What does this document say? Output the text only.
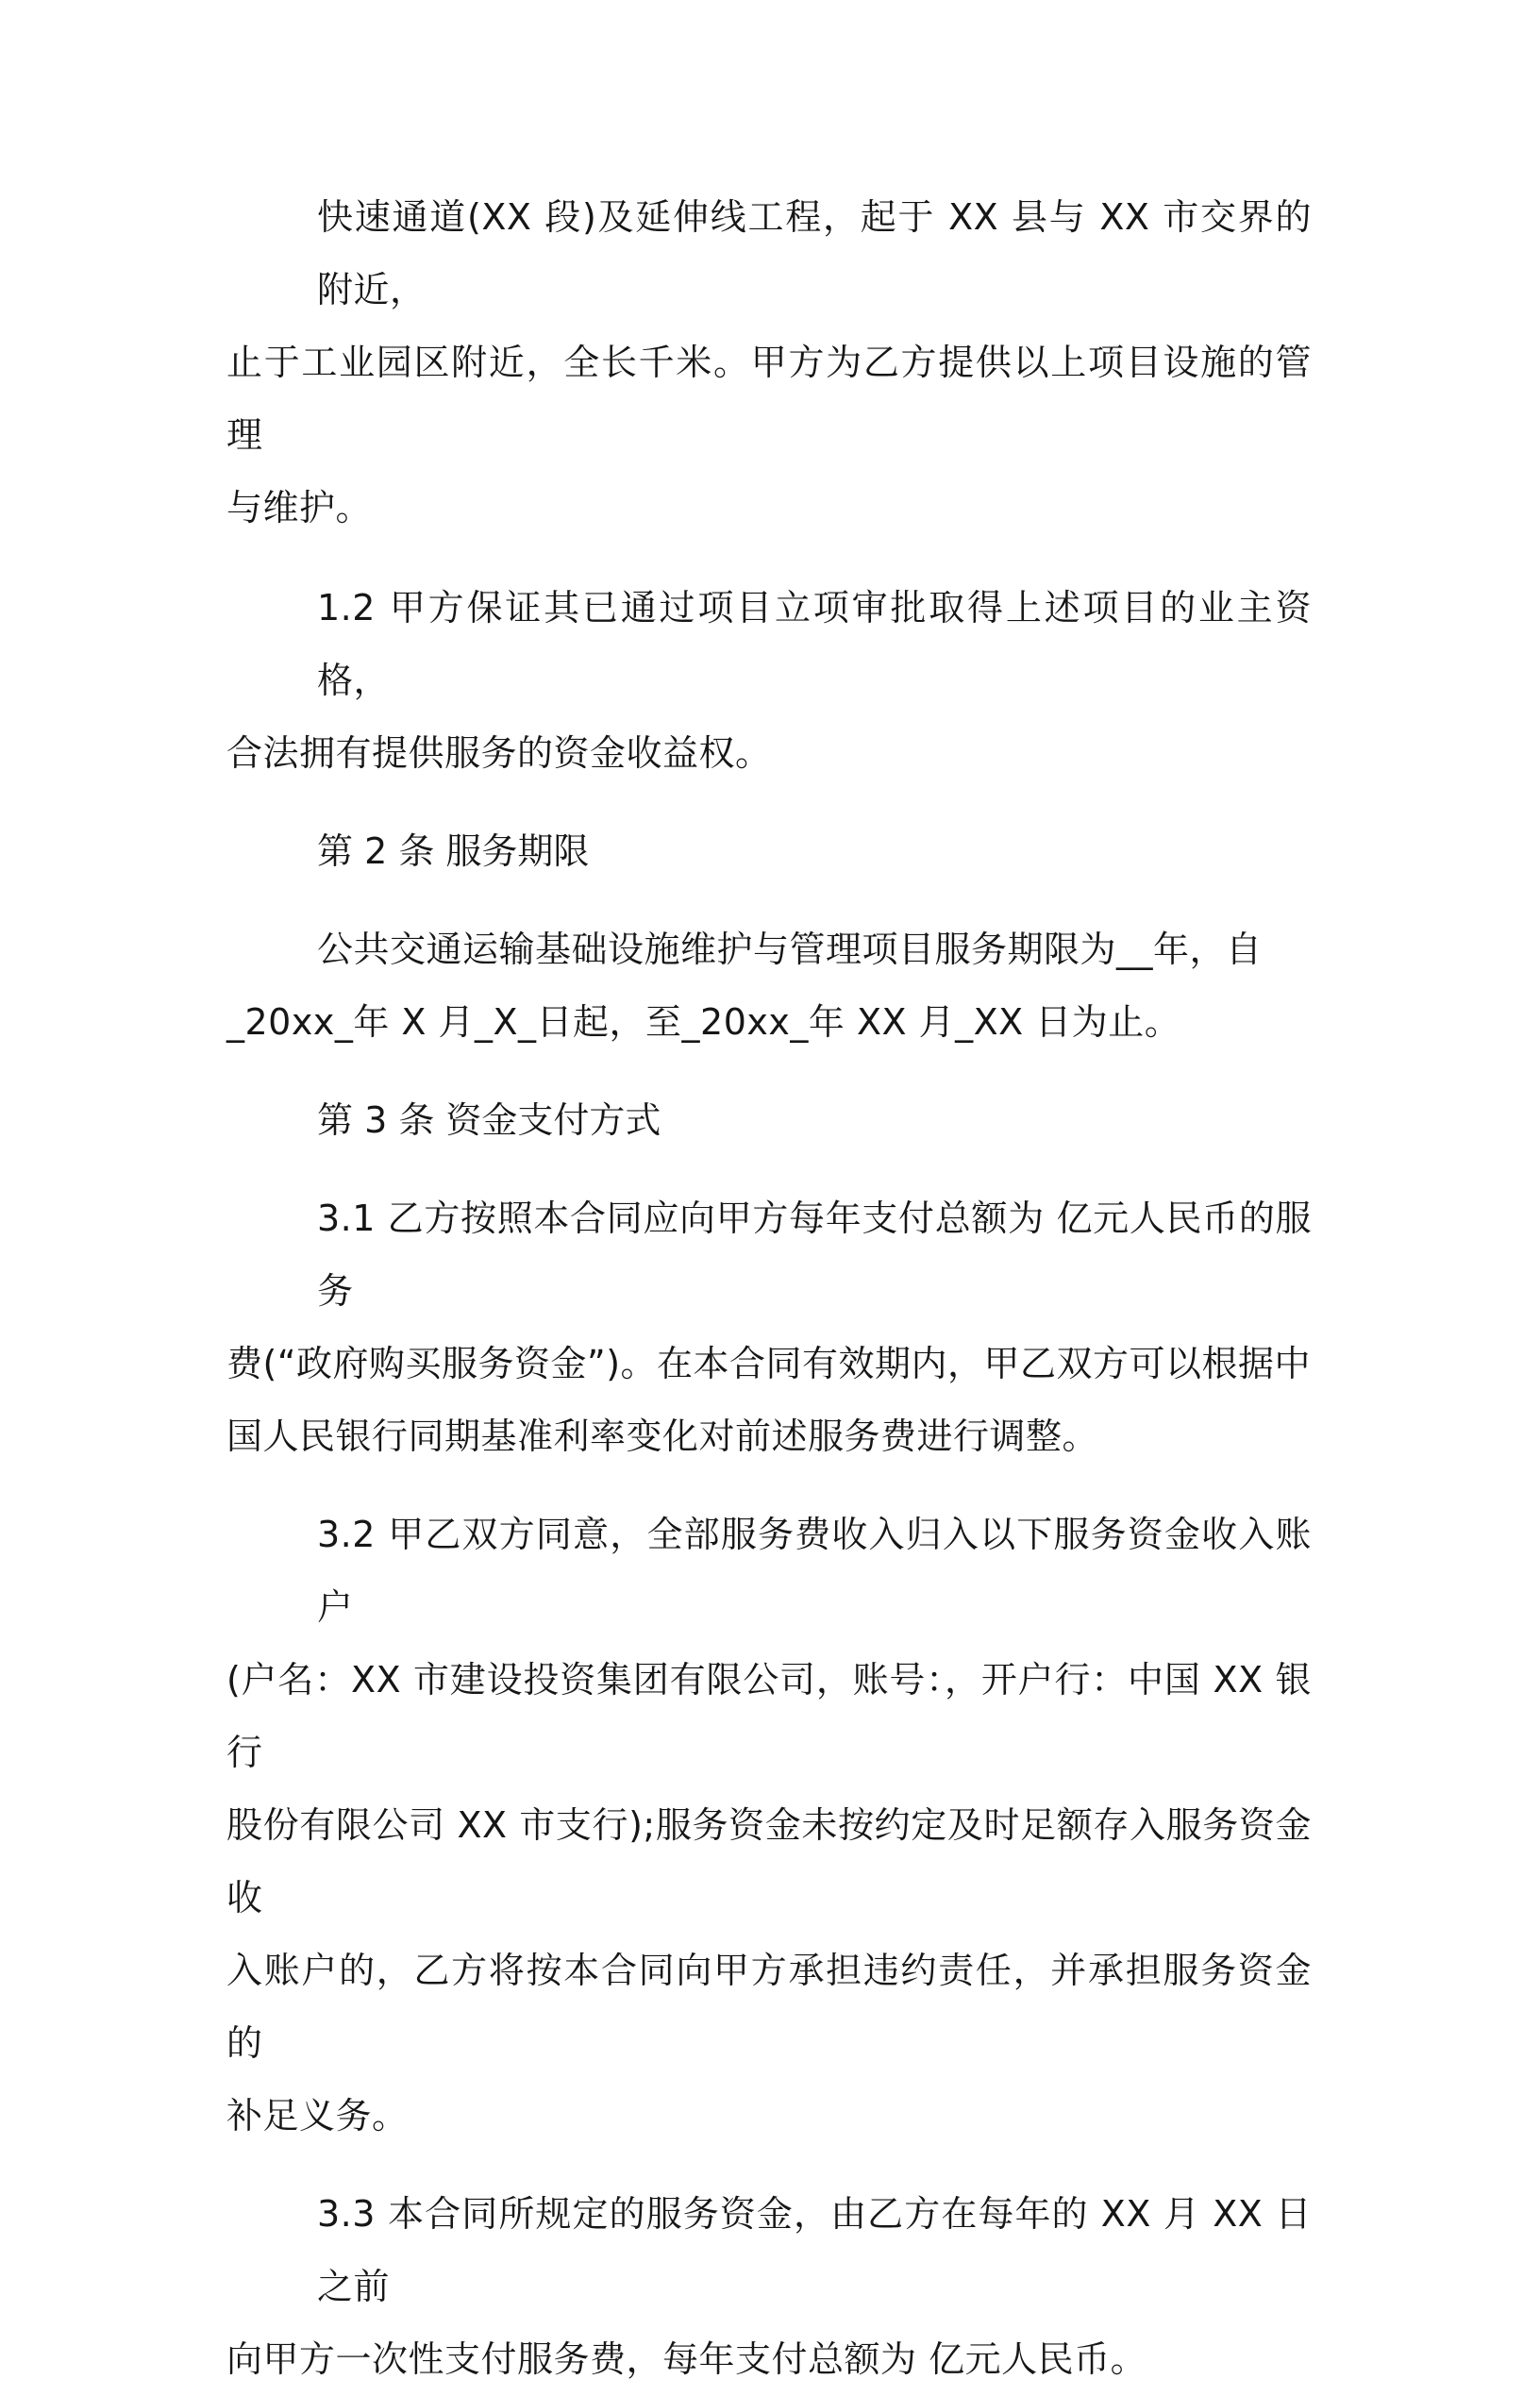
快速通道(XX 段)及延伸线工程，起于 XX 县与 XX 市交界的附近，
止于工业园区附近，全长千米。甲方为乙方提供以上项目设施的管理
与维护。

1.2 甲方保证其已通过项目立项审批取得上述项目的业主资格，
合法拥有提供服务的资金收益权。

第 2 条 服务期限

公共交通运输基础设施维护与管理项目服务期限为__年，自
_20xx_年 X 月_X_日起，至_20xx_年 XX 月_XX 日为止。

第 3 条 资金支付方式

3.1 乙方按照本合同应向甲方每年支付总额为 亿元人民币的服务
费(“政府购买服务资金”)。在本合同有效期内，甲乙双方可以根据中
国人民银行同期基准利率变化对前述服务费进行调整。

3.2 甲乙双方同意，全部服务费收入归入以下服务资金收入账户
(户名：XX 市建设投资集团有限公司，账号：，开户行：中国 XX 银行
股份有限公司 XX 市支行);服务资金未按约定及时足额存入服务资金收
入账户的，乙方将按本合同向甲方承担违约责任，并承担服务资金的
补足义务。

3.3 本合同所规定的服务资金，由乙方在每年的 XX 月 XX 日之前
向甲方一次性支付服务费，每年支付总额为 亿元人民币。
